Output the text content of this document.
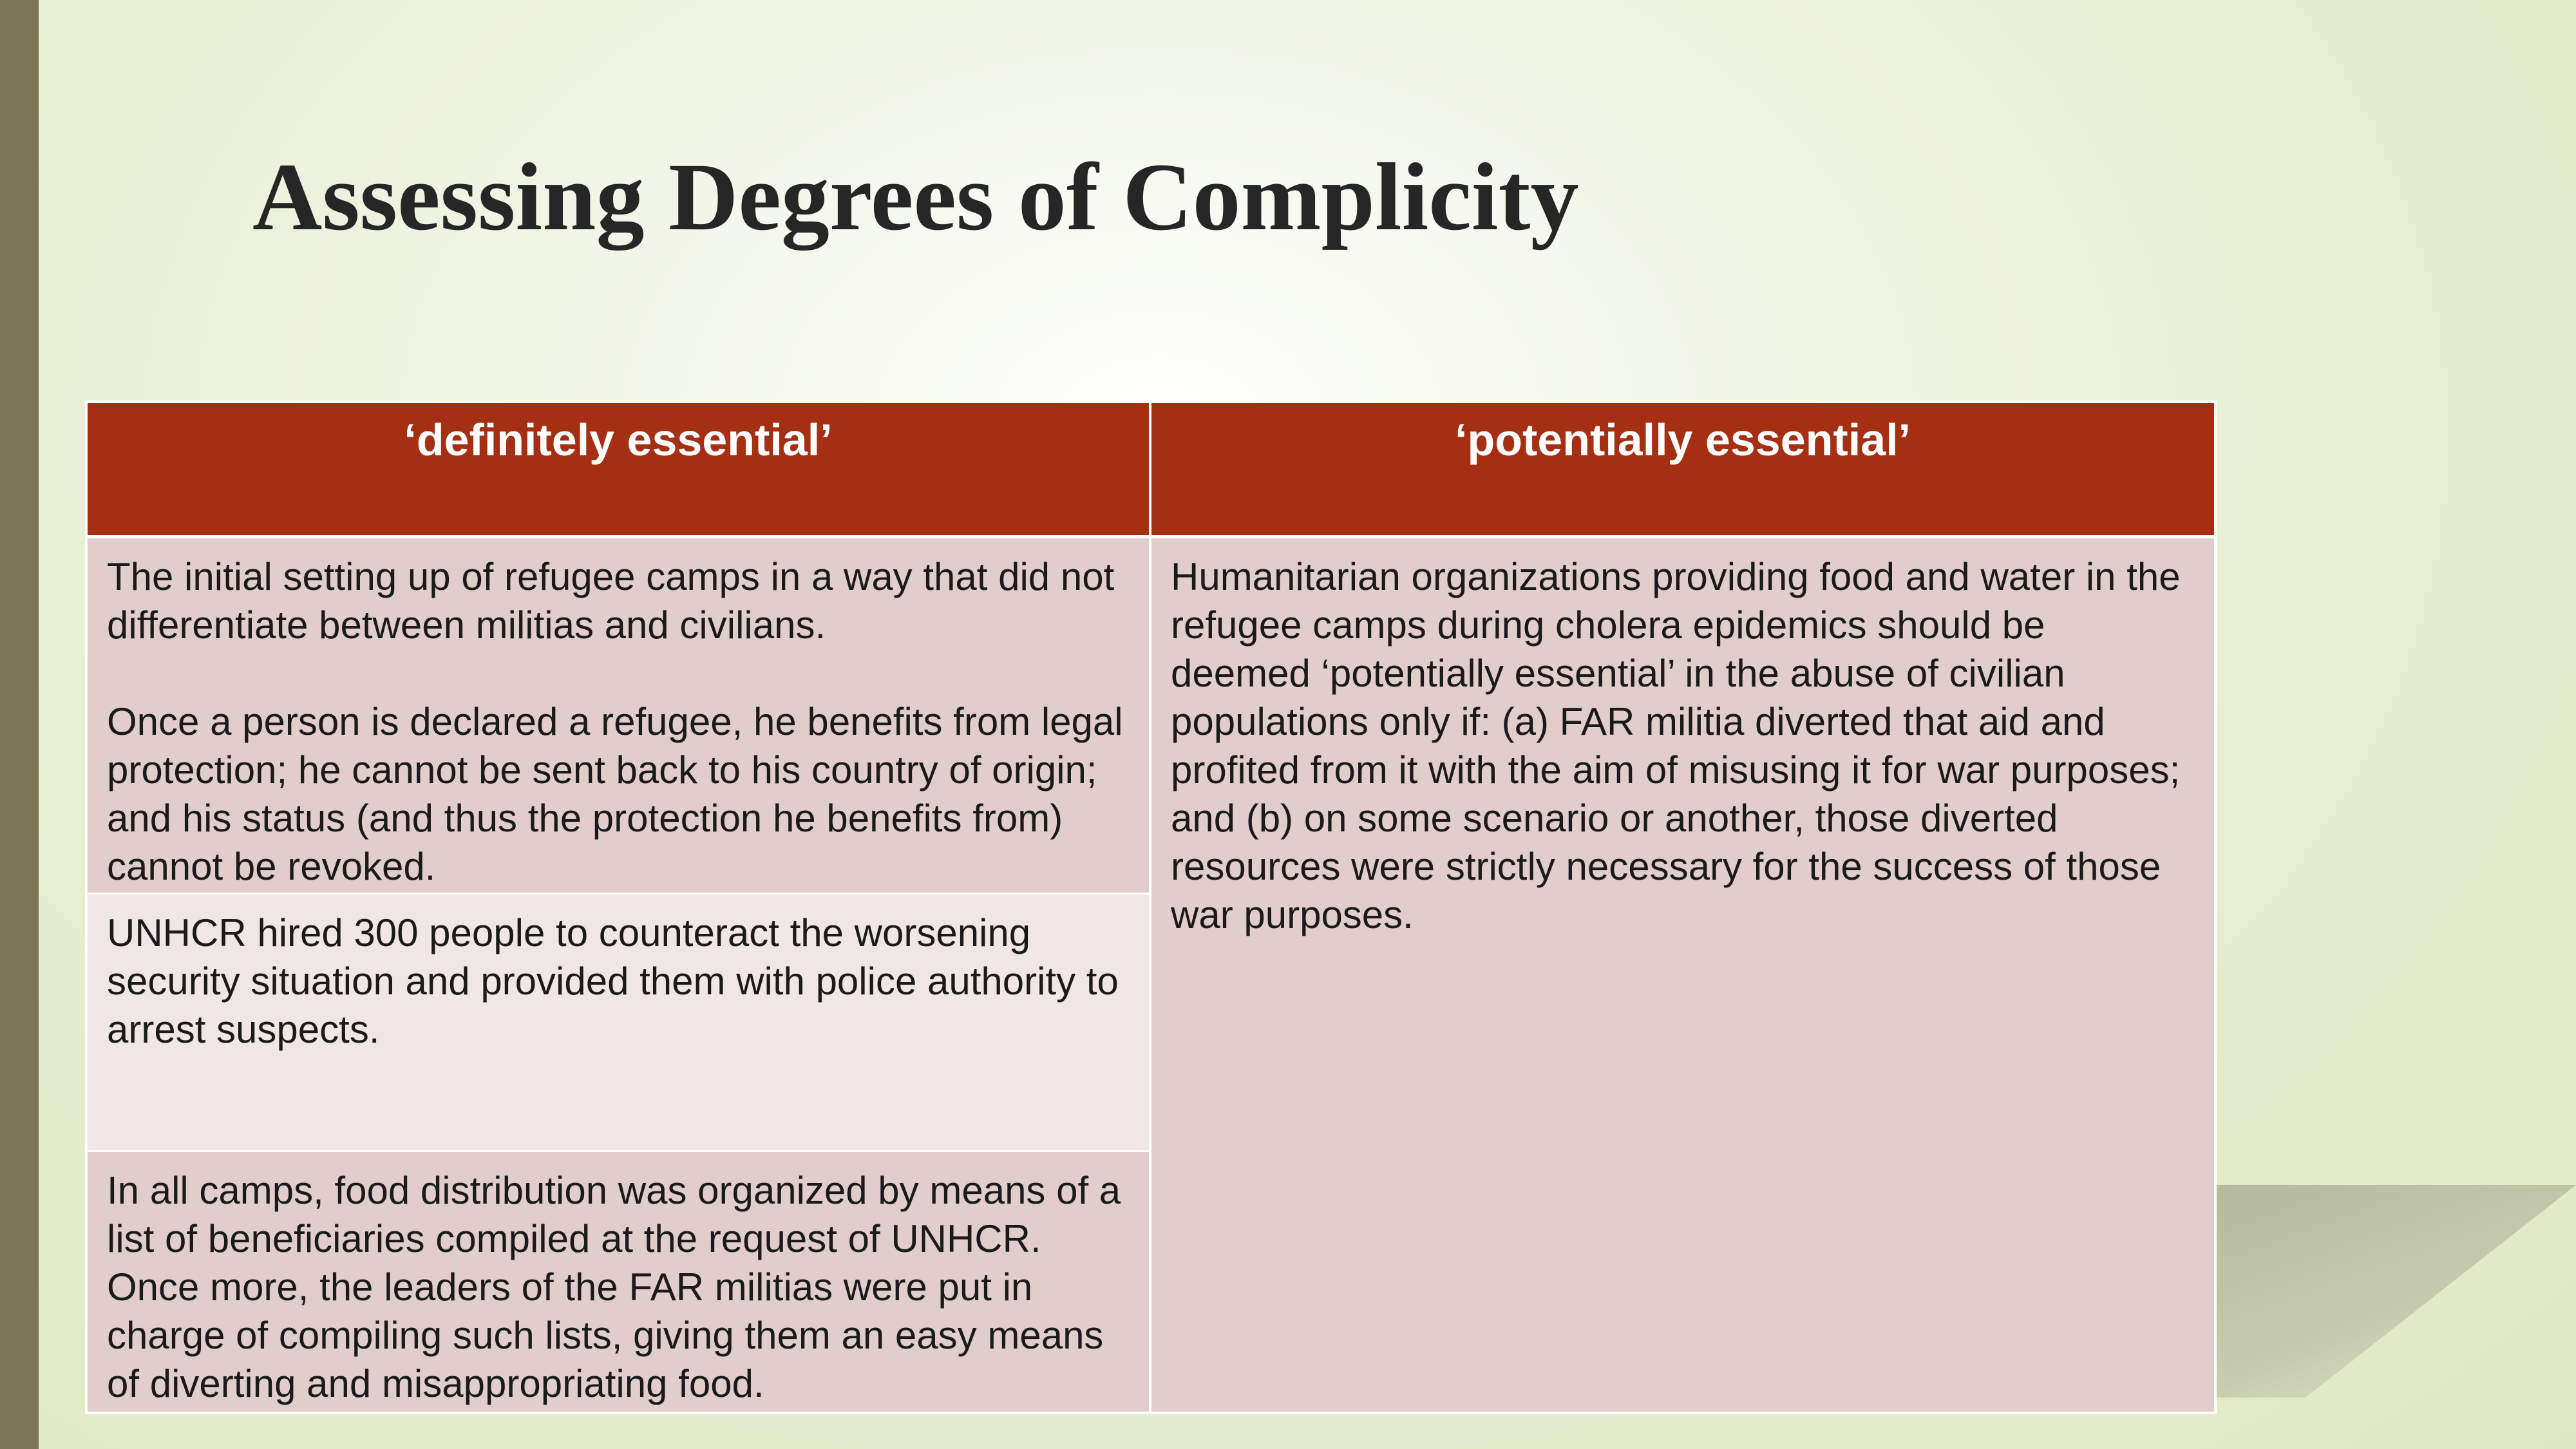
Assessing Degrees of Complicity
‘definitely essential’	‘potentially essential’

The initial setting up of refugee camps in a way that did not differentiate between militias and civilians.

Once a person is declared a refugee, he benefits from legal protection; he cannot be sent back to his country of origin; and his status (and thus the protection he benefits from) cannot be revoked.

Humanitarian organizations providing food and water in the refugee camps during cholera epidemics should be deemed ‘potentially essential’ in the abuse of civilian populations only if: (a) FAR militia diverted that aid and profited from it with the aim of misusing it for war purposes; and (b) on some scenario or another, those diverted resources were strictly necessary for the success of those war purposes.

UNHCR hired 300 people to counteract the worsening security situation and provided them with police authority to arrest suspects.

In all camps, food distribution was organized by means of a list of beneficiaries compiled at the request of UNHCR. Once more, the leaders of the FAR militias were put in charge of compiling such lists, giving them an easy means of diverting and misappropriating food.
